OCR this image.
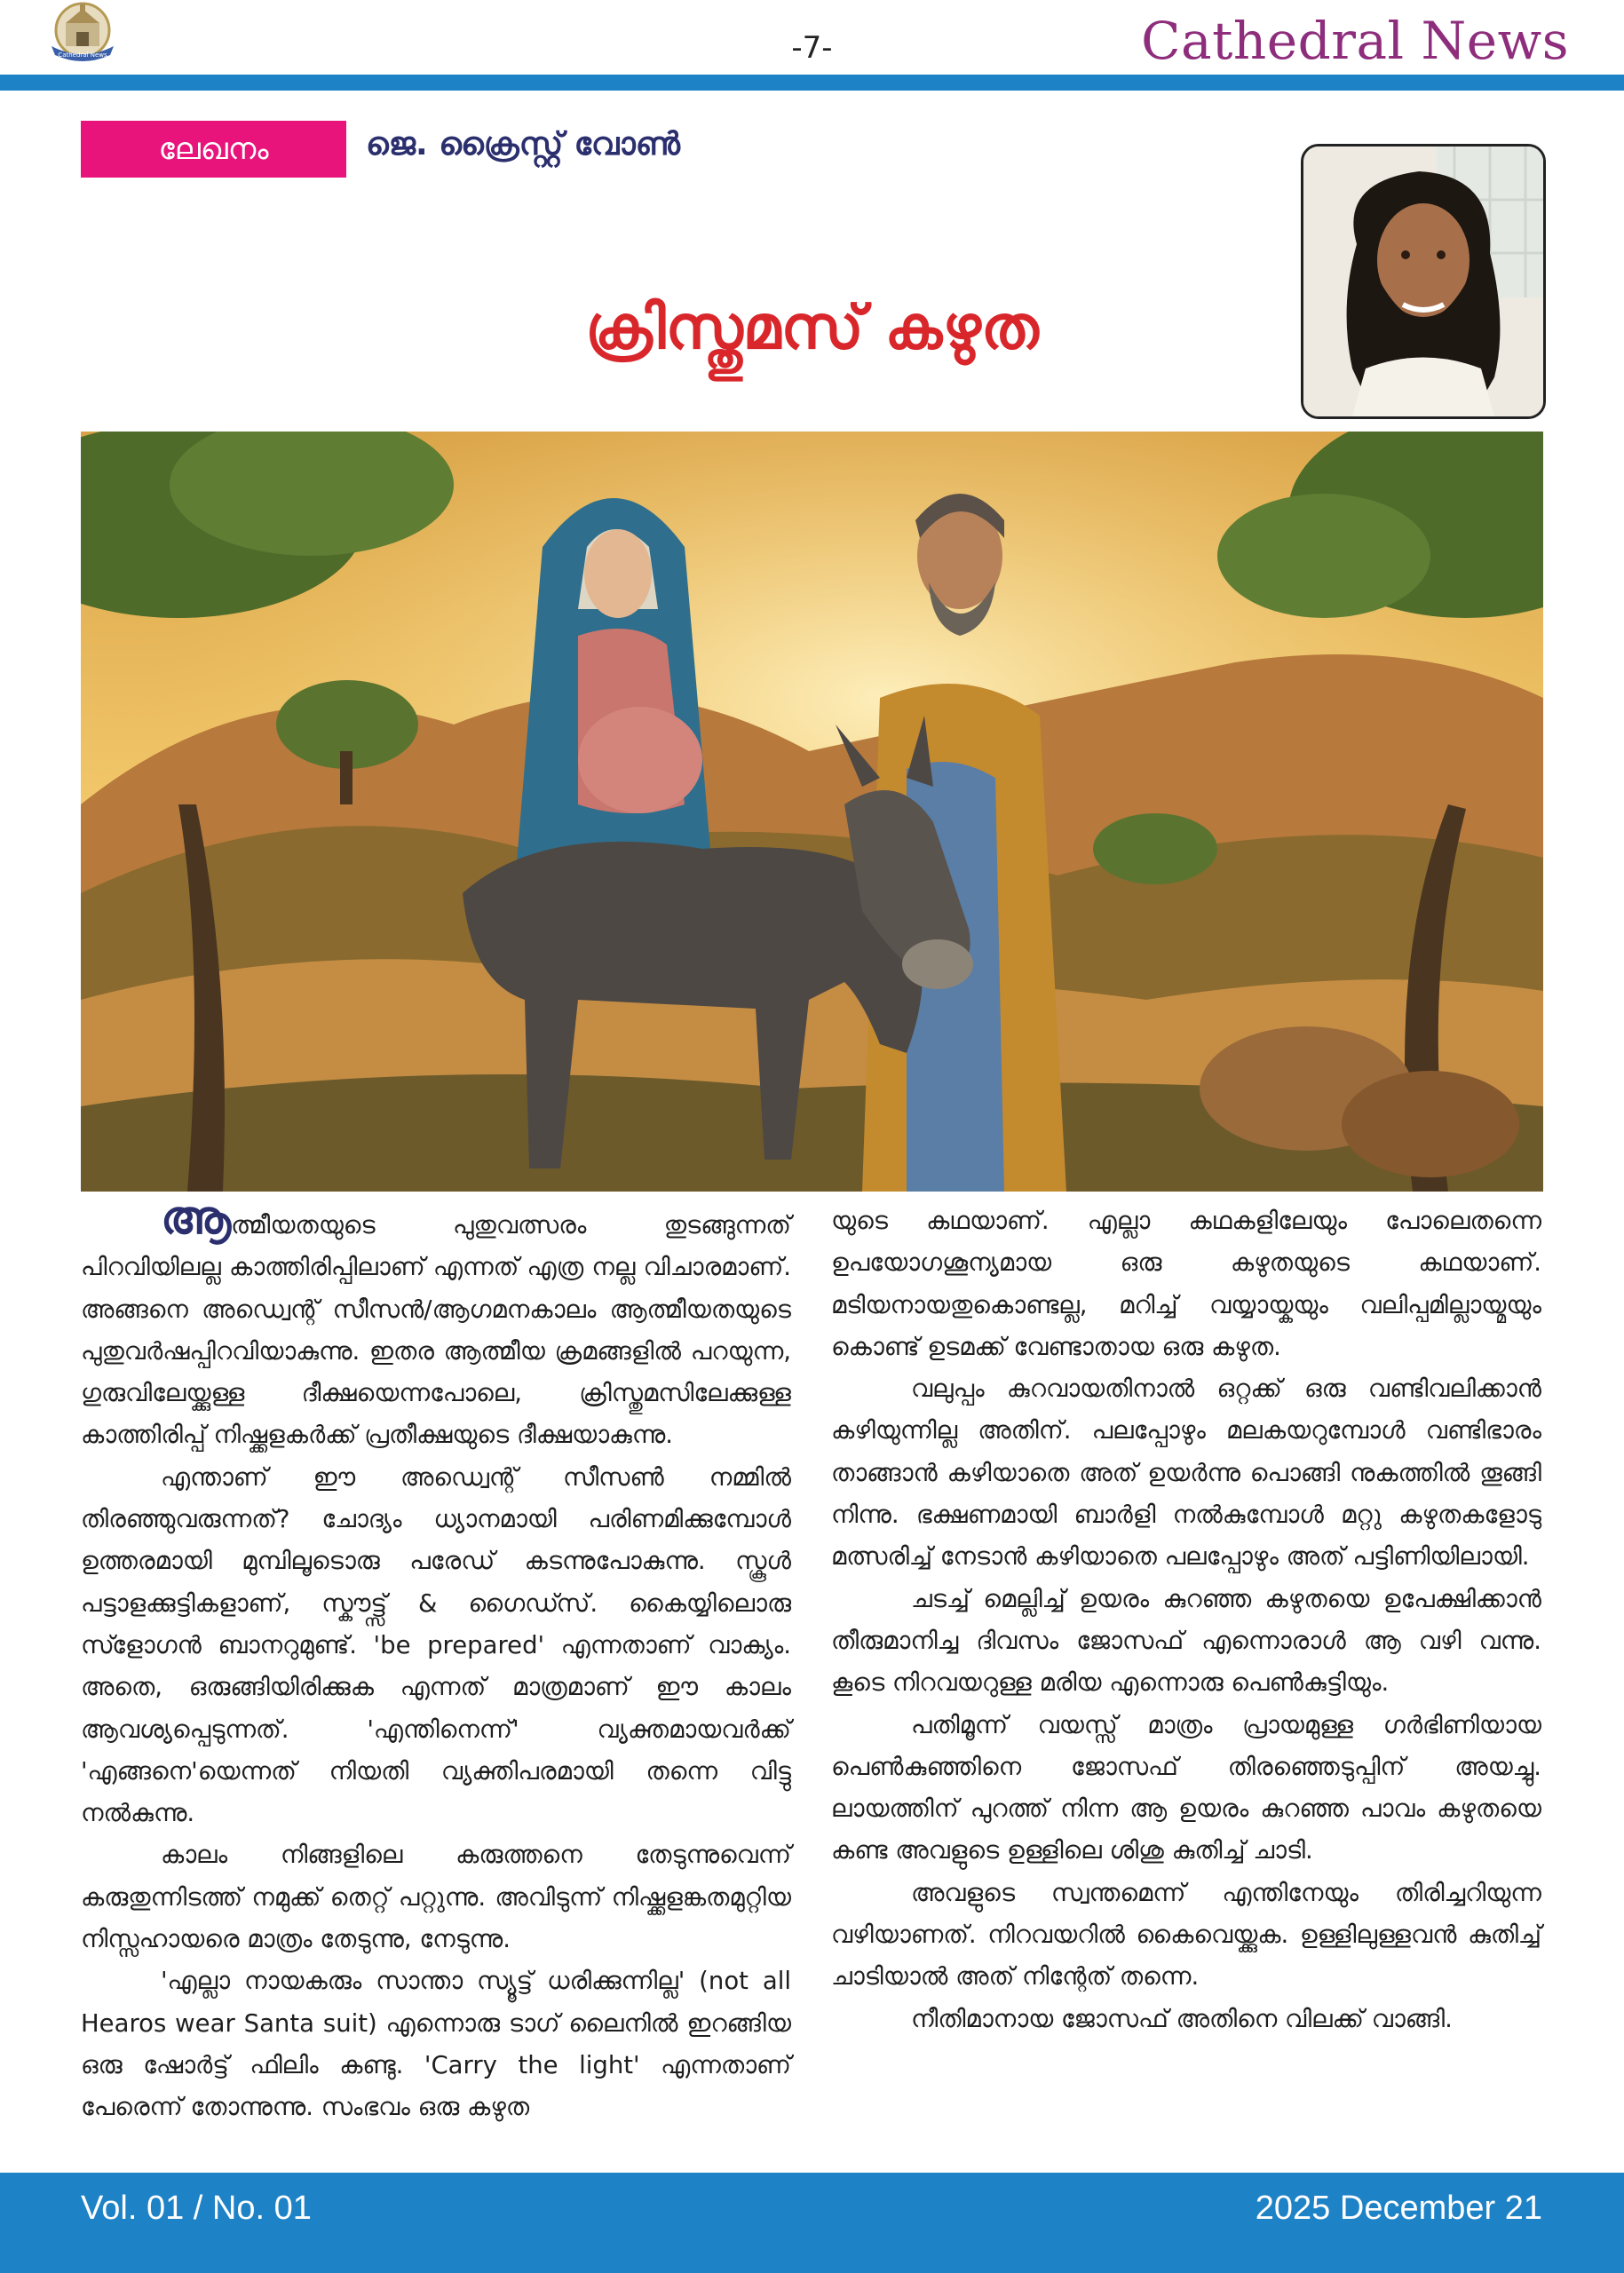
Cathedral News	-7-	Cathedral News
ലേഖനം	ജെ. ക്രൈസ്റ്റ് വോൺ
ക്രിസ്തുമസ് കഴുത

ആത്മീയതയുടെ പുതുവത്സരം തുടങ്ങുന്നത് പിറവിയിലല്ല കാത്തിരിപ്പിലാണ് എന്നത് എത്ര നല്ല വിചാരമാണ്. അങ്ങനെ അഡ്വെന്റ് സീസൻ/ആഗമനകാലം ആത്മീയതയുടെ പുതുവർഷപ്പിറവിയാകുന്നു. ഇതര ആത്മീയ ക്രമങ്ങളിൽ പറയുന്ന, ഗുരുവിലേയ്ക്കുള്ള ദീക്ഷയെന്നപോലെ, ക്രിസ്തുമസിലേക്കുള്ള കാത്തിരിപ്പ് നിഷ്ക്കളകർക്ക് പ്രതീക്ഷയുടെ ദീക്ഷയാകുന്നു.

എന്താണ് ഈ അഡ്വെന്റ് സീസൺ നമ്മിൽ തിരഞ്ഞുവരുന്നത്? ചോദ്യം ധ്യാനമായി പരിണമിക്കുമ്പോൾ ഉത്തരമായി മുമ്പിലൂടൊരു പരേഡ് കടന്നുപോകുന്നു. സ്കൂൾ പട്ടാളക്കുട്ടികളാണ്, സ്കൗട്ട്സ് & ഗൈഡ്സ്. കൈയ്യിലൊരു സ്ളോഗൻ ബാനറുമുണ്ട്. 'be prepared' എന്നതാണ് വാക്യം. അതെ, ഒരുങ്ങിയിരിക്കുക എന്നത് മാത്രമാണ് ഈ കാലം ആവശ്യപ്പെടുന്നത്. 'എന്തിനെന്ന്' വ്യക്തമായവർക്ക് 'എങ്ങനെ'യെന്നത് നിയതി വ്യക്തിപരമായി തന്നെ വിട്ടു നൽകുന്നു.

കാലം നിങ്ങളിലെ കരുത്തനെ തേടുന്നുവെന്ന് കരുതുന്നിടത്ത് നമുക്ക് തെറ്റ് പറ്റുന്നു. അവിടുന്ന് നിഷ്ക്കളങ്കതമുറ്റിയ നിസ്സഹായരെ മാത്രം തേടുന്നു, നേടുന്നു.

'എല്ലാ നായകരും സാന്താ സ്യൂട്ട് ധരിക്കുന്നില്ല' (not all Hearos wear Santa suit) എന്നൊരു ടാഗ് ലൈനിൽ ഇറങ്ങിയ ഒരു ഷോർട്ട് ഫിലിം കണ്ടു. 'Carry the light' എന്നതാണ് പേരെന്ന് തോന്നുന്നു. സംഭവം ഒരു കഴുത

യുടെ കഥയാണ്. എല്ലാ കഥകളിലേയും പോലെതന്നെ ഉപയോഗശൂന്യമായ ഒരു കഴുതയുടെ കഥയാണ്. മടിയനായതുകൊണ്ടല്ല, മറിച്ച് വയ്യായ്കയും വലിപ്പമില്ലായ്മയും കൊണ്ട് ഉടമക്ക് വേണ്ടാതായ ഒരു കഴുത.

വലുപ്പം കുറവായതിനാൽ ഒറ്റക്ക് ഒരു വണ്ടിവലിക്കാൻ കഴിയുന്നില്ല അതിന്. പലപ്പോഴും മലകയറുമ്പോൾ വണ്ടിഭാരം താങ്ങാൻ കഴിയാതെ അത് ഉയർന്നു പൊങ്ങി നുകത്തിൽ തൂങ്ങി നിന്നു. ഭക്ഷണമായി ബാർളി നൽകുമ്പോൾ മറ്റു കഴുതകളോടു മത്സരിച്ച് നേടാൻ കഴിയാതെ പലപ്പോഴും അത് പട്ടിണിയിലായി.

ചടച്ച് മെല്ലിച്ച് ഉയരം കുറഞ്ഞ കഴുതയെ ഉപേക്ഷിക്കാൻ തീരുമാനിച്ച ദിവസം ജോസഫ് എന്നൊരാൾ ആ വഴി വന്നു. കൂടെ നിറവയറുള്ള മരിയ എന്നൊരു പെൺകുട്ടിയും.

പതിമൂന്ന് വയസ്സ് മാത്രം പ്രായമുള്ള ഗർഭിണിയായ പെൺകുഞ്ഞിനെ ജോസഫ് തിരഞ്ഞെടുപ്പിന് അയച്ചു. ലായത്തിന് പുറത്ത് നിന്ന ആ ഉയരം കുറഞ്ഞ പാവം കഴുതയെ കണ്ട അവളുടെ ഉള്ളിലെ ശിശു കുതിച്ച് ചാടി.

അവളുടെ സ്വന്തമെന്ന് എന്തിനേയും തിരിച്ചറിയുന്ന വഴിയാണത്. നിറവയറിൽ കൈവെയ്ക്കുക. ഉള്ളിലുള്ളവൻ കുതിച്ച് ചാടിയാൽ അത് നിന്റേത് തന്നെ.

നീതിമാനായ ജോസഫ് അതിനെ വിലക്ക് വാങ്ങി.

Vol. 01 / No. 01	2025 December 21
